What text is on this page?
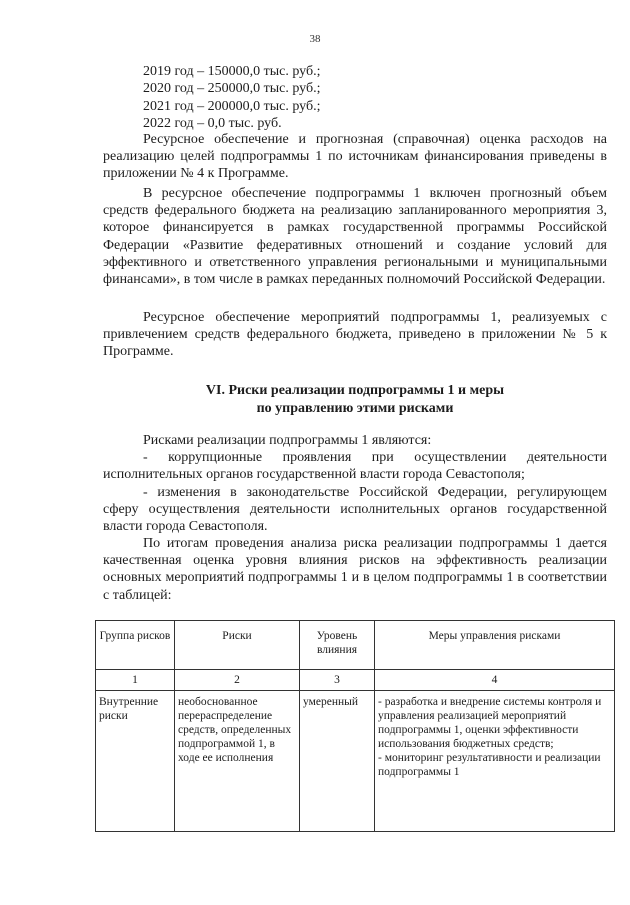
38
2019 год – 150000,0 тыс. руб.;
2020 год – 250000,0 тыс. руб.;
2021 год – 200000,0 тыс. руб.;
2022 год – 0,0 тыс. руб.

Ресурсное обеспечение и прогнозная (справочная) оценка расходов на реализацию целей подпрограммы 1 по источникам финансирования приведены в приложении № 4 к Программе.

В ресурсное обеспечение подпрограммы 1 включен прогнозный объем средств федерального бюджета на реализацию запланированного мероприятия 3, которое финансируется в рамках государственной программы Российской Федерации «Развитие федеративных отношений и создание условий для эффективного и ответственного управления региональными и муниципальными финансами», в том числе в рамках переданных полномочий Российской Федерации.

Ресурсное обеспечение мероприятий подпрограммы 1, реализуемых с привлечением средств федерального бюджета, приведено в приложении № 5 к Программе.

VI. Риски реализации подпрограммы 1 и меры
по управлению этими рисками

Рисками реализации подпрограммы 1 являются:

- коррупционные проявления при осуществлении деятельности исполнительных органов государственной власти города Севастополя;

- изменения в законодательстве Российской Федерации, регулирующем сферу осуществления деятельности исполнительных органов государственной власти города Севастополя.

По итогам проведения анализа риска реализации подпрограммы 1 дается качественная оценка уровня влияния рисков на эффективность реализации основных мероприятий подпрограммы 1 и в целом подпрограммы 1 в соответствии с таблицей:

Группа рисков	Риски	Уровень влияния	Меры управления рисками
1	2	3	4
Внутренние риски	необоснованное перераспределение средств, определенных подпрограммой 1, в ходе ее исполнения	умеренный	- разработка и внедрение системы контроля и управления реализацией мероприятий подпрограммы 1, оценки эффективности использования бюджетных средств;
- мониторинг результативности и реализации подпрограммы 1
